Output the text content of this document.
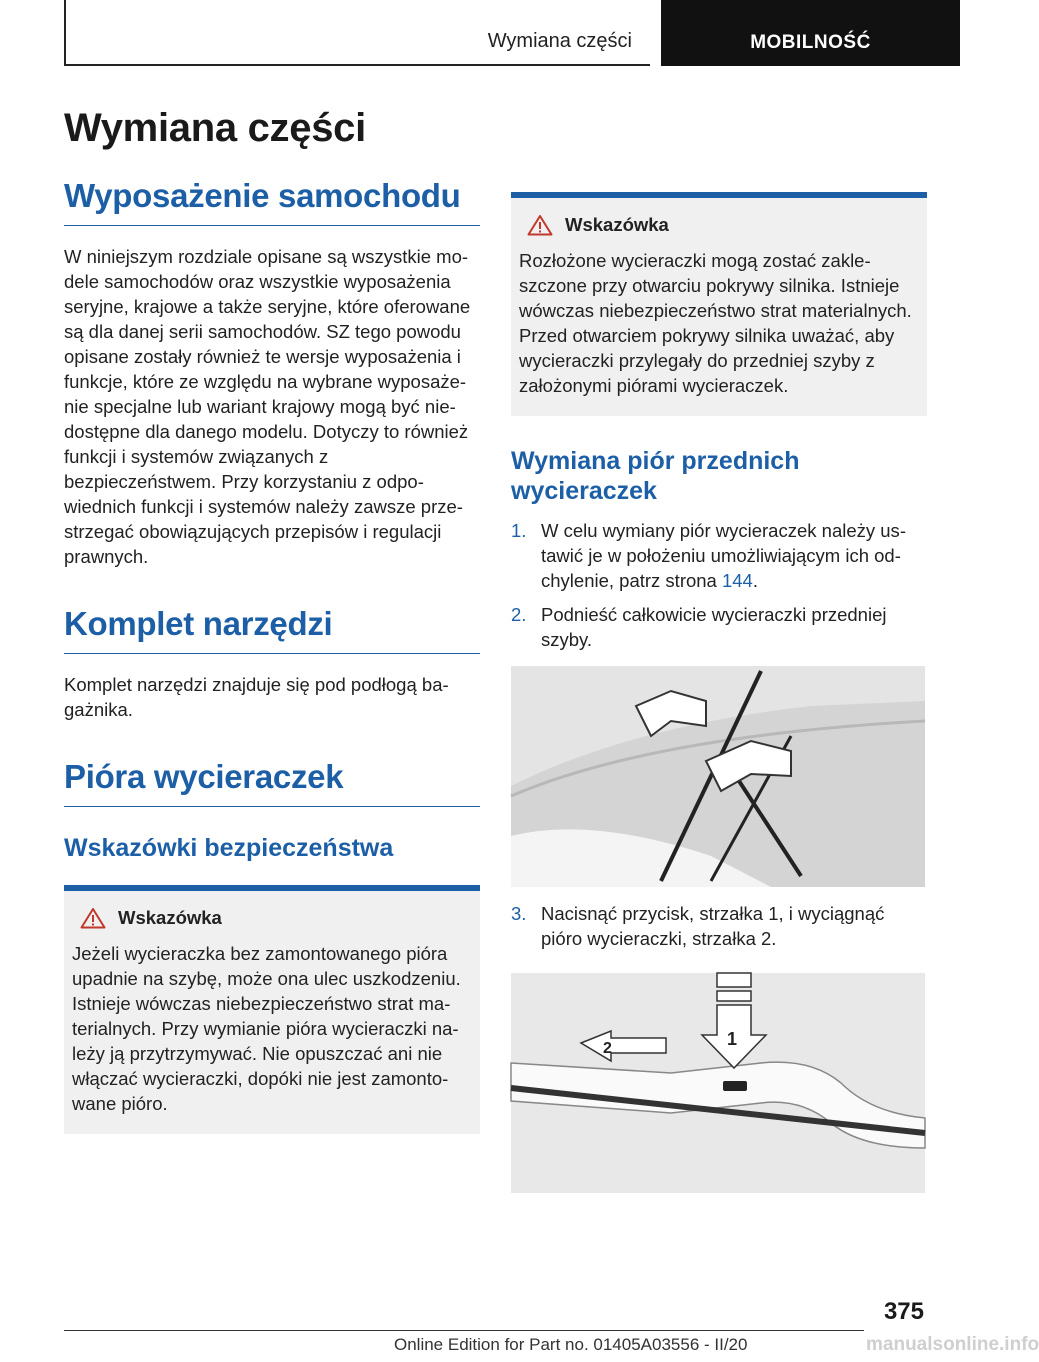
Wymiana części	MOBILNOŚĆ
Wymiana części
Wyposażenie samochodu

W niniejszym rozdziale opisane są wszystkie modele samochodów oraz wszystkie wyposażenia seryjne, krajowe a także seryjne, które oferowane są dla danej serii samochodów. SZ tego powodu opisane zostały również te wersje wyposażenia i funkcje, które ze względu na wybrane wyposażenie specjalne lub wariant krajowy mogą być niedostępne dla danego modelu. Dotyczy to również funkcji i systemów związanych z bezpieczeństwem. Przy korzystaniu z odpowiednich funkcji i systemów należy zawsze przestrzegać obowiązujących przepisów i regulacji prawnych.

Komplet narzędzi

Komplet narzędzi znajduje się pod podłogą bagażnika.

Pióra wycieraczek
Wskazówki bezpieczeństwa
Wskazówka

Jeżeli wycieraczka bez zamontowanego pióra upadnie na szybę, może ona ulec uszkodzeniu. Istnieje wówczas niebezpieczeństwo strat materialnych. Przy wymianie pióra wycieraczki należy ją przytrzymywać. Nie opuszczać ani nie włączać wycieraczki, dopóki nie jest zamontowane pióro.

Wskazówka

Rozłożone wycieraczki mogą zostać zakleszczone przy otwarciu pokrywy silnika. Istnieje wówczas niebezpieczeństwo strat materialnych. Przed otwarciem pokrywy silnika uważać, aby wycieraczki przylegały do przedniej szyby z założonymi piórami wycieraczek.

Wymiana piór przednich wycieraczek
1. W celu wymiany piór wycieraczek należy ustawić je w położeniu umożliwiającym ich odchylenie, patrz strona 144.
2. Podnieść całkowicie wycieraczki przedniej szyby.
3. Nacisnąć przycisk, strzałka 1, i wyciągnąć pióro wycieraczki, strzałka 2.
2	1
375
Online Edition for Part no. 01405A03556 - II/20	manualsonline.info
